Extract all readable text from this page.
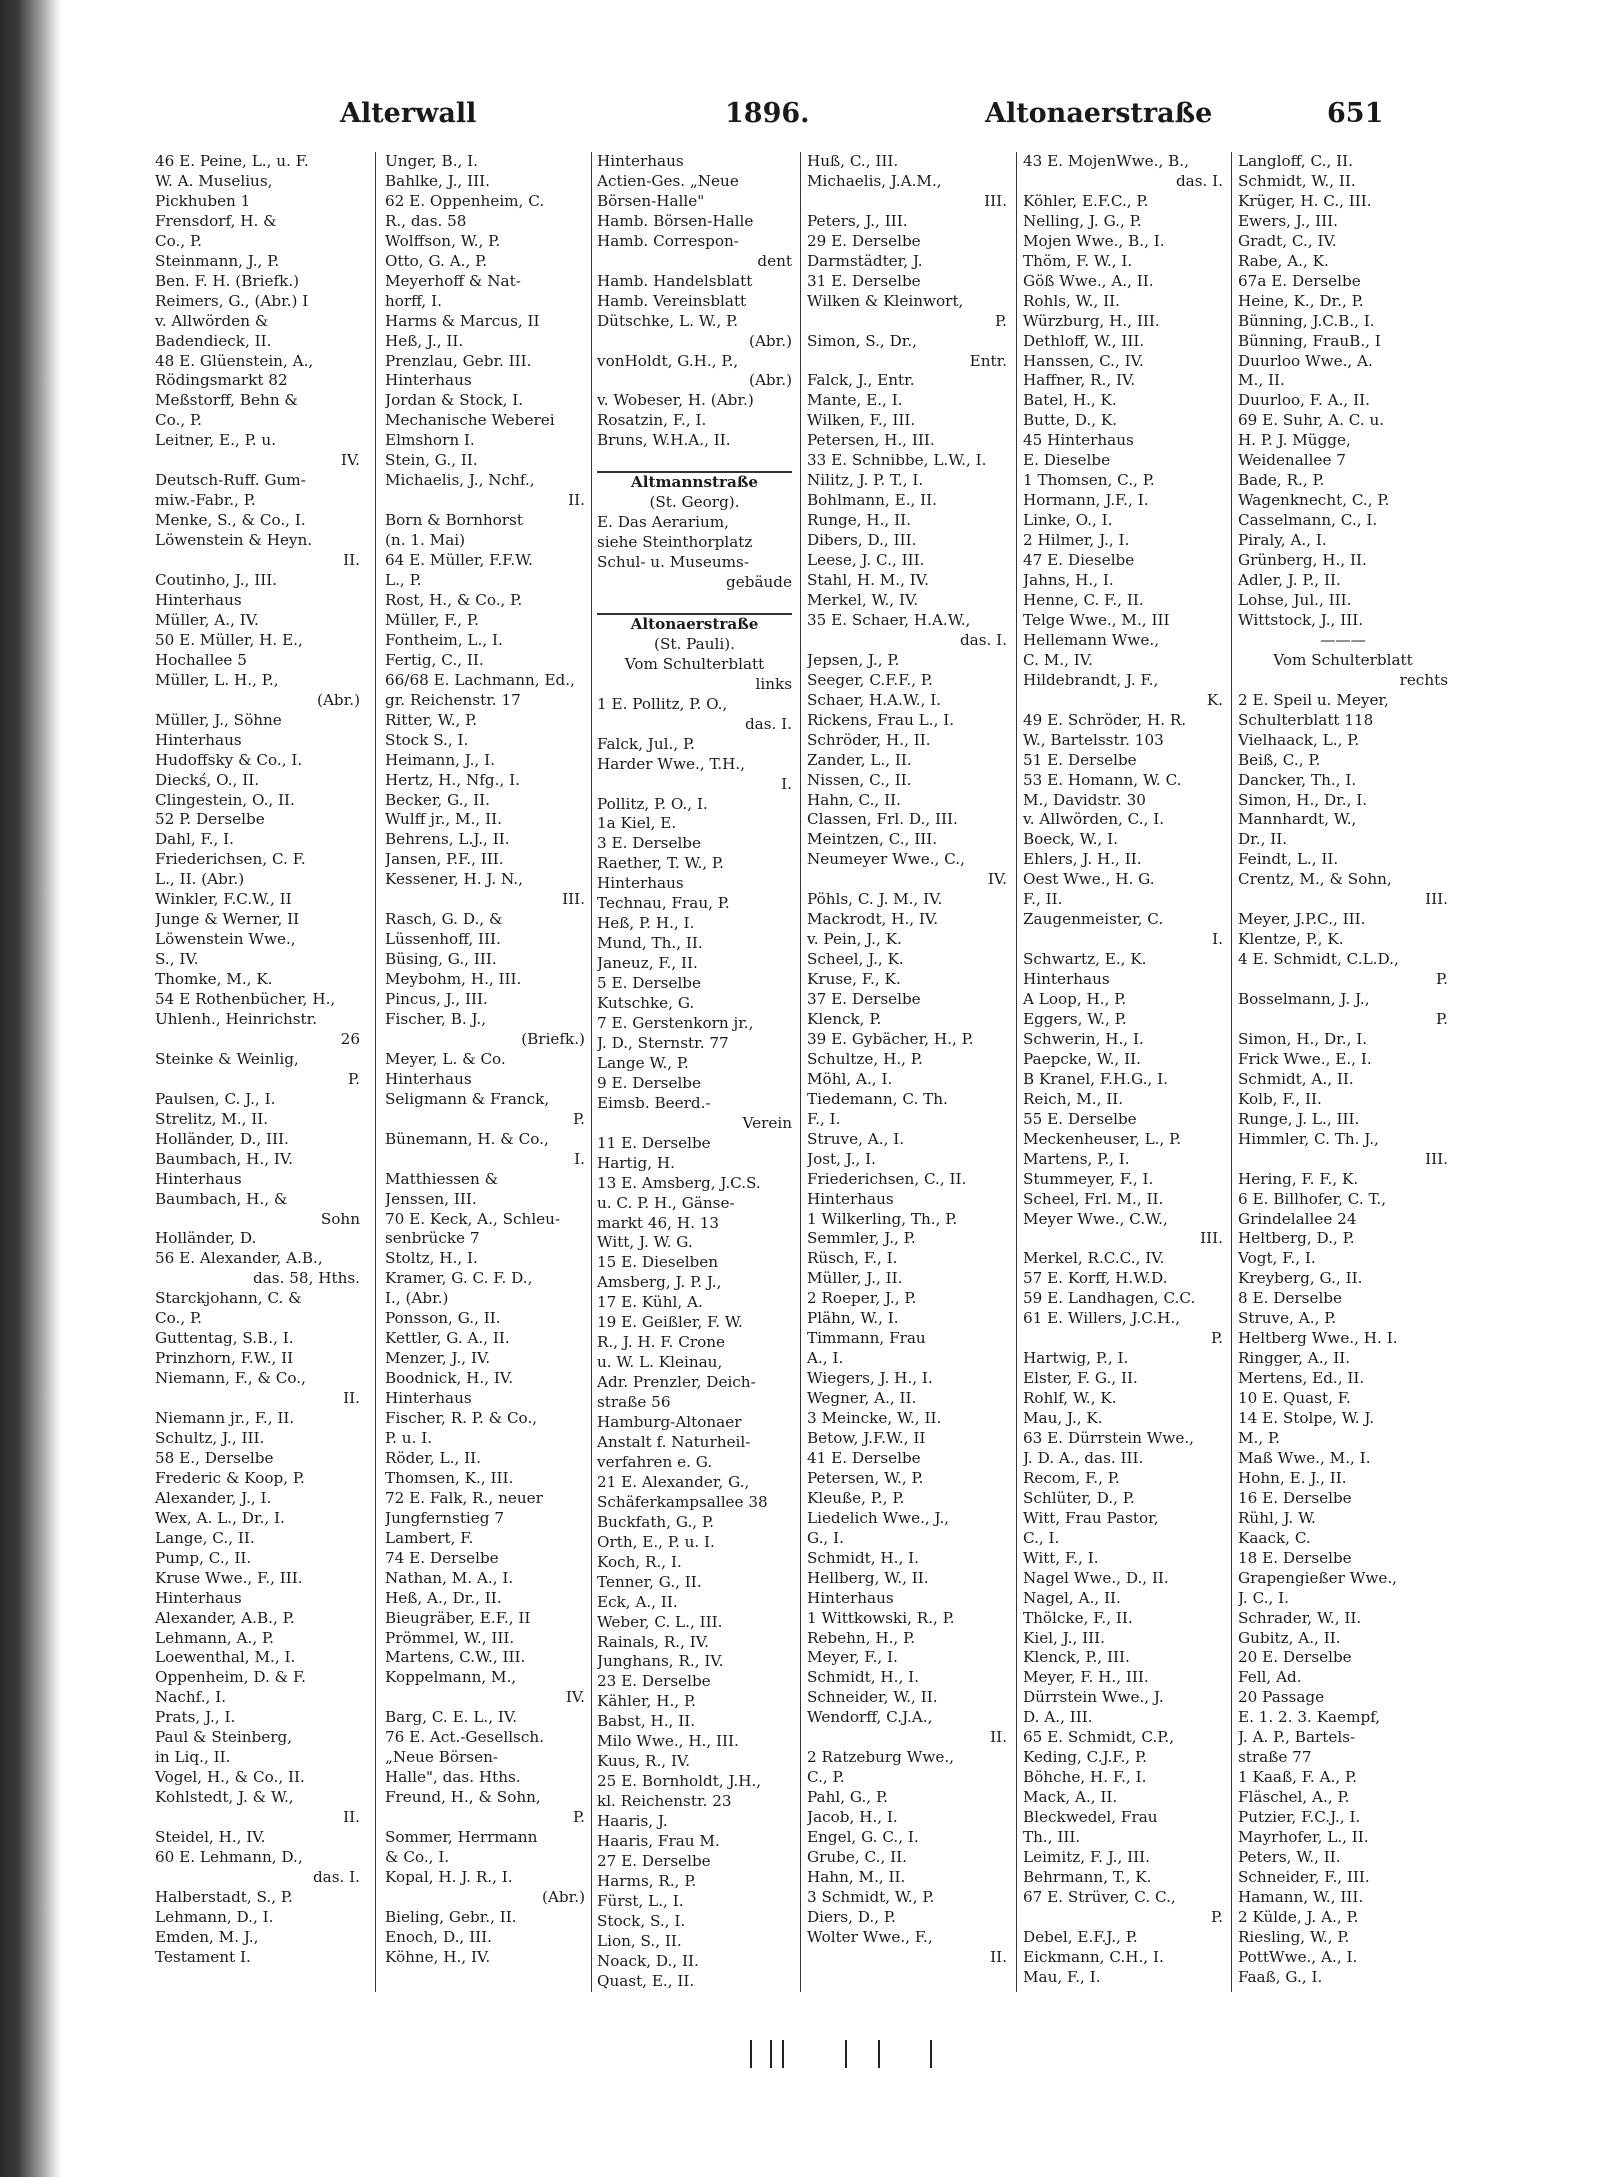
Alterwall	1896.	Altonaerstraße	651
46 E. Peine, L., u. F.
W. A. Muselius,
Pickhuben 1
Frensdorf, H. &
Co., P.
Steinmann, J., P.
Ben. F. H. (Briefk.)
Reimers, G., (Abr.) I
v. Allwörden &
Badendieck, II.
48 E. Glüenstein, A.,
Rödingsmarkt 82
Meßstorff, Behn &
Co., P.
Leitner, E., P. u.
IV.
Deutsch-Ruff. Gum-
miw.-Fabr., P.
Menke, S., & Co., I.
Löwenstein & Heyn.
II.
Coutinho, J., III.
Hinterhaus
Müller, A., IV.
50 E. Müller, H. E.,
Hochallee 5
Müller, L. H., P.,
(Abr.)
Müller, J., Söhne
Hinterhaus
Hudoffsky & Co., I.
Dieckś, O., II.
Clingestein, O., II.
52 P. Derselbe
Dahl, F., I.
Friederichsen, C. F.
L., II. (Abr.)
Winkler, F.C.W., II
Junge & Werner, II
Löwenstein Wwe.,
S., IV.
Thomke, M., K.
54 E Rothenbücher, H.,
Uhlenh., Heinrichstr.
26
Steinke & Weinlig,
P.
Paulsen, C. J., I.
Strelitz, M., II.
Holländer, D., III.
Baumbach, H., IV.
Hinterhaus
Baumbach, H., &
Sohn
Holländer, D.
56 E. Alexander, A.B.,
das. 58, Hths.
Starckjohann, C. &
Co., P.
Guttentag, S.B., I.
Prinzhorn, F.W., II
Niemann, F., & Co.,
II.
Niemann jr., F., II.
Schultz, J., III.
58 E., Derselbe
Frederic & Koop, P.
Alexander, J., I.
Wex, A. L., Dr., I.
Lange, C., II.
Pump, C., II.
Kruse Wwe., F., III.
Hinterhaus
Alexander, A.B., P.
Lehmann, A., P.
Loewenthal, M., I.
Oppenheim, D. & F.
Nachf., I.
Prats, J., I.
Paul & Steinberg,
in Liq., II.
Vogel, H., & Co., II.
Kohlstedt, J. & W.,
II.
Steidel, H., IV.
60 E. Lehmann, D.,
das. I.
Halberstadt, S., P.
Lehmann, D., I.
Emden, M. J.,
Testament I.
Unger, B., I.
Bahlke, J., III.
62 E. Oppenheim, C.
R., das. 58
Wolffson, W., P.
Otto, G. A., P.
Meyerhoff & Nat-
horff, I.
Harms & Marcus, II
Heß, J., II.
Prenzlau, Gebr. III.
Hinterhaus
Jordan & Stock, I.
Mechanische Weberei
Elmshorn I.
Stein, G., II.
Michaelis, J., Nchf.,
II.
Born & Bornhorst
(n. 1. Mai)
64 E. Müller, F.F.W.
L., P.
Rost, H., & Co., P.
Müller, F., P.
Fontheim, L., I.
Fertig, C., II.
66/68 E. Lachmann, Ed.,
gr. Reichenstr. 17
Ritter, W., P.
Stock S., I.
Heimann, J., I.
Hertz, H., Nfg., I.
Becker, G., II.
Wulff jr., M., II.
Behrens, L.J., II.
Jansen, P.F., III.
Kessener, H. J. N.,
III.
Rasch, G. D., &
Lüssenhoff, III.
Büsing, G., III.
Meybohm, H., III.
Pincus, J., III.
Fischer, B. J.,
(Briefk.)
Meyer, L. & Co.
Hinterhaus
Seligmann & Franck,
P.
Bünemann, H. & Co.,
I.
Matthiessen &
Jenssen, III.
70 E. Keck, A., Schleu-
senbrücke 7
Stoltz, H., I.
Kramer, G. C. F. D.,
I., (Abr.)
Ponsson, G., II.
Kettler, G. A., II.
Menzer, J., IV.
Boodnick, H., IV.
Hinterhaus
Fischer, R. P. & Co.,
P. u. I.
Röder, L., II.
Thomsen, K., III.
72 E. Falk, R., neuer
Jungfernstieg 7
Lambert, F.
74 E. Derselbe
Nathan, M. A., I.
Heß, A., Dr., II.
Bieugräber, E.F., II
Prömmel, W., III.
Martens, C.W., III.
Koppelmann, M.,
IV.
Barg, C. E. L., IV.
76 E. Act.-Gesellsch.
„Neue Börsen-
Halle", das. Hths.
Freund, H., & Sohn,
P.
Sommer, Herrmann
& Co., I.
Kopal, H. J. R., I.
(Abr.)
Bieling, Gebr., II.
Enoch, D., III.
Köhne, H., IV.
Hinterhaus
Actien-Ges. „Neue
Börsen-Halle"
Hamb. Börsen-Halle
Hamb. Correspon-
dent
Hamb. Handelsblatt
Hamb. Vereinsblatt
Dütschke, L. W., P.
(Abr.)
vonHoldt, G.H., P.,
(Abr.)
v. Wobeser, H. (Abr.)
Rosatzin, F., I.
Bruns, W.H.A., II.

Altmannstraße
(St. Georg).
E. Das Aerarium,
siehe Steinthorplatz
Schul- u. Museums-
gebäude

Altonaerstraße
(St. Pauli).
Vom Schulterblatt
links
1 E. Pollitz, P. O.,
das. I.
Falck, Jul., P.
Harder Wwe., T.H.,
I.
Pollitz, P. O., I.
1a Kiel, E.
3 E. Derselbe
Raether, T. W., P.
Hinterhaus
Technau, Frau, P.
Heß, P. H., I.
Mund, Th., II.
Janeuz, F., II.
5 E. Derselbe
Kutschke, G.
7 E. Gerstenkorn jr.,
J. D., Sternstr. 77
Lange W., P.
9 E. Derselbe
Eimsb. Beerd.-
Verein
11 E. Derselbe
Hartig, H.
13 E. Amsberg, J.C.S.
u. C. P. H., Gänse-
markt 46, H. 13
Witt, J. W. G.
15 E. Dieselben
Amsberg, J. P. J.,
17 E. Kühl, A.
19 E. Geißler, F. W.
R., J. H. F. Crone
u. W. L. Kleinau,
Adr. Prenzler, Deich-
straße 56
Hamburg-Altonaer
Anstalt f. Naturheil-
verfahren e. G.
21 E. Alexander, G.,
Schäferkampsallee 38
Buckfath, G., P.
Orth, E., P. u. I.
Koch, R., I.
Tenner, G., II.
Eck, A., II.
Weber, C. L., III.
Rainals, R., IV.
Junghans, R., IV.
23 E. Derselbe
Kähler, H., P.
Babst, H., II.
Milo Wwe., H., III.
Kuus, R., IV.
25 E. Bornholdt, J.H.,
kl. Reichenstr. 23
Haaris, J.
Haaris, Frau M.
27 E. Derselbe
Harms, R., P.
Fürst, L., I.
Stock, S., I.
Lion, S., II.
Noack, D., II.
Quast, E., II.
Huß, C., III.
Michaelis, J.A.M.,
III.
Peters, J., III.
29 E. Derselbe
Darmstädter, J.
31 E. Derselbe
Wilken & Kleinwort,
P.
Simon, S., Dr.,
Entr.
Falck, J., Entr.
Mante, E., I.
Wilken, F., III.
Petersen, H., III.
33 E. Schnibbe, L.W., I.
Nilitz, J. P. T., I.
Bohlmann, E., II.
Runge, H., II.
Dibers, D., III.
Leese, J. C., III.
Stahl, H. M., IV.
Merkel, W., IV.
35 E. Schaer, H.A.W.,
das. I.
Jepsen, J., P.
Seeger, C.F.F., P.
Schaer, H.A.W., I.
Rickens, Frau L., I.
Schröder, H., II.
Zander, L., II.
Nissen, C., II.
Hahn, C., II.
Classen, Frl. D., III.
Meintzen, C., III.
Neumeyer Wwe., C.,
IV.
Pöhls, C. J. M., IV.
Mackrodt, H., IV.
v. Pein, J., K.
Scheel, J., K.
Kruse, F., K.
37 E. Derselbe
Klenck, P.
39 E. Gybächer, H., P.
Schultze, H., P.
Möhl, A., I.
Tiedemann, C. Th.
F., I.
Struve, A., I.
Jost, J., I.
Friederichsen, C., II.
Hinterhaus
1 Wilkerling, Th., P.
Semmler, J., P.
Rüsch, F., I.
Müller, J., II.
2 Roeper, J., P.
Plähn, W., I.
Timmann, Frau
A., I.
Wiegers, J. H., I.
Wegner, A., II.
3 Meincke, W., II.
Betow, J.F.W., II
41 E. Derselbe
Petersen, W., P.
Kleuße, P., P.
Liedelich Wwe., J.,
G., I.
Schmidt, H., I.
Hellberg, W., II.
Hinterhaus
1 Wittkowski, R., P.
Rebehn, H., P.
Meyer, F., I.
Schmidt, H., I.
Schneider, W., II.
Wendorff, C.J.A.,
II.
2 Ratzeburg Wwe.,
C., P.
Pahl, G., P.
Jacob, H., I.
Engel, G. C., I.
Grube, C., II.
Hahn, M., II.
3 Schmidt, W., P.
Diers, D., P.
Wolter Wwe., F.,
II.
43 E. MojenWwe., B.,
das. I.
Köhler, E.F.C., P.
Nelling, J. G., P.
Mojen Wwe., B., I.
Thöm, F. W., I.
Göß Wwe., A., II.
Rohls, W., II.
Würzburg, H., III.
Dethloff, W., III.
Hanssen, C., IV.
Haffner, R., IV.
Batel, H., K.
Butte, D., K.
45 Hinterhaus
E. Dieselbe
1 Thomsen, C., P.
Hormann, J.F., I.
Linke, O., I.
2 Hilmer, J., I.
47 E. Dieselbe
Jahns, H., I.
Henne, C. F., II.
Telge Wwe., M., III
Hellemann Wwe.,
C. M., IV.
Hildebrandt, J. F.,
K.
49 E. Schröder, H. R.
W., Bartelsstr. 103
51 E. Derselbe
53 E. Homann, W. C.
M., Davidstr. 30
v. Allwörden, C., I.
Boeck, W., I.
Ehlers, J. H., II.
Oest Wwe., H. G.
F., II.
Zaugenmeister, C.
I.
Schwartz, E., K.
Hinterhaus
A Loop, H., P.
Eggers, W., P.
Schwerin, H., I.
Paepcke, W., II.
B Kranel, F.H.G., I.
Reich, M., II.
55 E. Derselbe
Meckenheuser, L., P.
Martens, P., I.
Stummeyer, F., I.
Scheel, Frl. M., II.
Meyer Wwe., C.W.,
III.
Merkel, R.C.C., IV.
57 E. Korff, H.W.D.
59 E. Landhagen, C.C.
61 E. Willers, J.C.H.,
P.
Hartwig, P., I.
Elster, F. G., II.
Rohlf, W., K.
Mau, J., K.
63 E. Dürrstein Wwe.,
J. D. A., das. III.
Recom, F., P.
Schlüter, D., P.
Witt, Frau Pastor,
C., I.
Witt, F., I.
Nagel Wwe., D., II.
Nagel, A., II.
Thölcke, F., II.
Kiel, J., III.
Klenck, P., III.
Meyer, F. H., III.
Dürrstein Wwe., J.
D. A., III.
65 E. Schmidt, C.P.,
Keding, C.J.F., P.
Böhche, H. F., I.
Mack, A., II.
Bleckwedel, Frau
Th., III.
Leimitz, F. J., III.
Behrmann, T., K.
67 E. Strüver, C. C.,
P.
Debel, E.F.J., P.
Eickmann, C.H., I.
Mau, F., I.
Langloff, C., II.
Schmidt, W., II.
Krüger, H. C., III.
Ewers, J., III.
Gradt, C., IV.
Rabe, A., K.
67a E. Derselbe
Heine, K., Dr., P.
Bünning, J.C.B., I.
Bünning, FrauB., I
Duurloo Wwe., A.
M., II.
Duurloo, F. A., II.
69 E. Suhr, A. C. u.
H. P. J. Mügge,
Weidenallee 7
Bade, R., P.
Wagenknecht, C., P.
Casselmann, C., I.
Piraly, A., I.
Grünberg, H., II.
Adler, J. P., II.
Lohse, Jul., III.
Wittstock, J., III.
———
Vom Schulterblatt
rechts
2 E. Speil u. Meyer,
Schulterblatt 118
Vielhaack, L., P.
Beiß, C., P.
Dancker, Th., I.
Simon, H., Dr., I.
Mannhardt, W.,
Dr., II.
Feindt, L., II.
Crentz, M., & Sohn,
III.
Meyer, J.P.C., III.
Klentze, P., K.
4 E. Schmidt, C.L.D.,
P.
Bosselmann, J. J.,
P.
Simon, H., Dr., I.
Frick Wwe., E., I.
Schmidt, A., II.
Kolb, F., II.
Runge, J. L., III.
Himmler, C. Th. J.,
III.
Hering, F. F., K.
6 E. Billhofer, C. T.,
Grindelallee 24
Heltberg, D., P.
Vogt, F., I.
Kreyberg, G., II.
8 E. Derselbe
Struve, A., P.
Heltberg Wwe., H. I.
Ringger, A., II.
Mertens, Ed., II.
10 E. Quast, F.
14 E. Stolpe, W. J.
M., P.
Maß Wwe., M., I.
Hohn, E. J., II.
16 E. Derselbe
Rühl, J. W.
Kaack, C.
18 E. Derselbe
Grapengießer Wwe.,
J. C., I.
Schrader, W., II.
Gubitz, A., II.
20 E. Derselbe
Fell, Ad.
20 Passage
E. 1. 2. 3. Kaempf,
J. A. P., Bartels-
straße 77
1 Kaaß, F. A., P.
Fläschel, A., P.
Putzier, F.C.J., I.
Mayrhofer, L., II.
Peters, W., II.
Schneider, F., III.
Hamann, W., III.
2 Külde, J. A., P.
Riesling, W., P.
PottWwe., A., I.
Faaß, G., I.
